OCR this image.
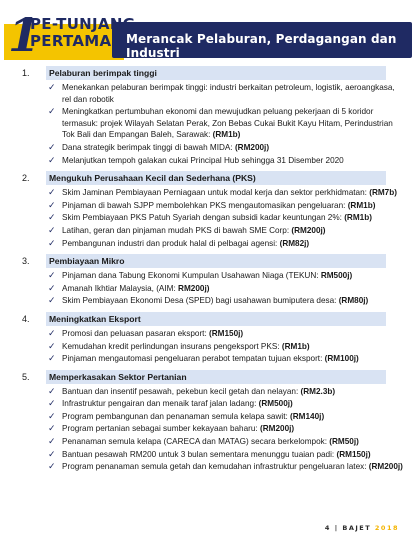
1
PE-TUNJANG
PERTAMA	Merancak Pelaburan, Perdagangan dan Industri
1.	Pelaburan berimpak tinggi
✓ Menekankan pelaburan berimpak tinggi: industri berkaitan petroleum, logistik, aeroangkasa, rel dan robotik
✓ Meningkatkan pertumbuhan ekonomi dan mewujudkan peluang pekerjaan di 5 koridor termasuk: projek Wilayah Selatan Perak, Zon Bebas Cukai Bukit Kayu Hitam, Perindustrian Tok Bali dan Empangan Baleh, Sarawak: (RM1b)
✓ Dana strategik berimpak tinggi di bawah MIDA: (RM200j)
✓ Melanjutkan tempoh galakan cukai Principal Hub sehingga 31 Disember 2020
2.	Mengukuh Perusahaan Kecil dan Sederhana (PKS)
✓ Skim Jaminan Pembiayaan Perniagaan untuk modal kerja dan sektor perkhidmatan: (RM7b)
✓ Pinjaman di bawah SJPP membolehkan PKS mengautomasikan pengeluaran: (RM1b)
✓ Skim Pembiayaan PKS Patuh Syariah dengan subsidi kadar keuntungan 2%: (RM1b)
✓ Latihan, geran dan pinjaman mudah PKS di bawah SME Corp: (RM200j)
✓ Pembangunan industri dan produk halal di pelbagai agensi: (RM82j)
3.	Pembiayaan Mikro
✓ Pinjaman dana Tabung Ekonomi Kumpulan Usahawan Niaga (TEKUN: RM500j)
✓ Amanah Ikhtiar Malaysia, (AIM: RM200j)
✓ Skim Pembiayaan Ekonomi Desa (SPED) bagi usahawan bumiputera desa: (RM80j)
4.	Meningkatkan Eksport
✓ Promosi dan peluasan pasaran eksport: (RM150j)
✓ Kemudahan kredit perlindungan insurans pengeksport PKS: (RM1b)
✓ Pinjaman mengautomasi pengeluaran perabot tempatan tujuan eksport: (RM100j)
5.	Memperkasakan Sektor Pertanian
✓ Bantuan dan insentif pesawah, pekebun kecil getah dan nelayan: (RM2.3b)
✓ Infrastruktur pengairan dan menaik taraf jalan ladang: (RM500j)
✓ Program pembangunan dan penanaman semula kelapa sawit: (RM140j)
✓ Program pertanian sebagai sumber kekayaan baharu: (RM200j)
✓ Penanaman semula kelapa (CARECA dan MATAG) secara berkelompok: (RM50j)
✓ Bantuan pesawah RM200 untuk 3 bulan sementara menunggu tuaian padi: (RM150j)
✓ Program penanaman semula getah dan kemudahan infrastruktur pengeluaran latex: (RM200j)
4 | BAJET 2018
